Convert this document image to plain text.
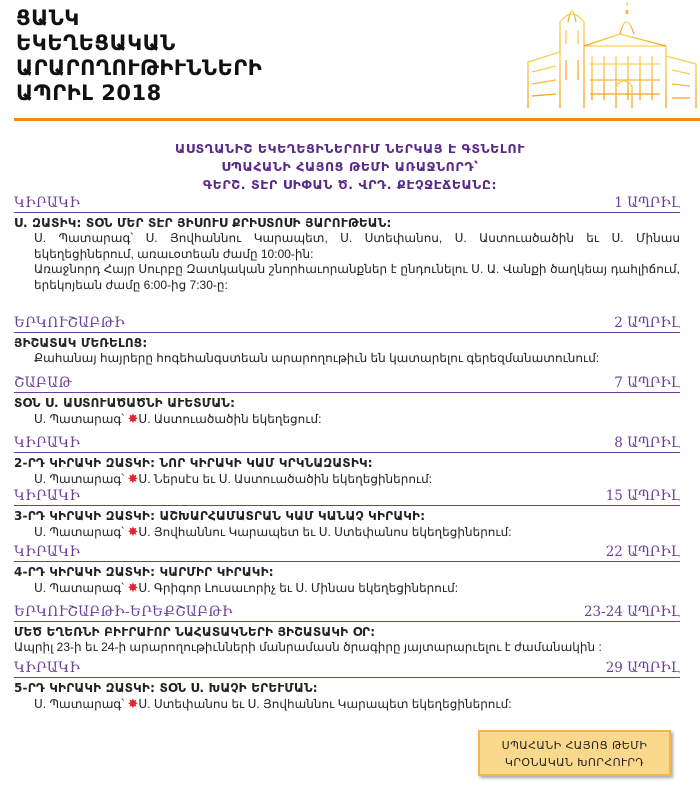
ՑԱՆԿ
ԵԿԵՂԵՑԱԿԱՆ
ԱՐԱՐՈՂՈՒԹԻՒՆՆԵՐԻ
ԱՊՐԻԼ 2018
ԱՍՏՂԱՆԻՇ ԵԿԵՂԵՑԻՆԵՐՈՒՄ ՆԵՐԿԱՅ Է ԳՏՆԵԼՈՒ
ՍՊԱՀԱՆԻ ՀԱՅՈՑ ԹԵՄԻ ԱՌԱՋՆՈՐԴ՝
ԳԵՐՇ. ՏԷՐ ՍԻՓԱՆ Ծ. ՎՐԴ. ՔԷՉՋԷՃԵԱՆԸ:
ԿԻՐԱԿԻ	1 ԱՊՐԻԼ
Ս. ԶԱՏԻԿ: ՏՕՆ ՄԵՐ ՏԷՐ ՅԻՍՈՒՍ ՔՐԻՍՏՈՍԻ ՅԱՐՈՒԹԵԱՆ:
Ս. Պատարագ՝ Ս. Յովհաննու Կարապետ, Ս. Ստեփանոս, Ս. Աստուածածին եւ Ս. Մինաս եկեղեցիներում, առաւօտեան ժամը 10:00-ին:
Առաջնորդ Հայր Սուրբը Զատկական շնորհաւորանքներ է ընդունելու Ս. Ա. Վանքի ծաղկեայ դահլիճում, երեկոյեան ժամը 6:00-ից 7:30-ը:
ԵՐԿՈՒՇԱԲԹԻ	2 ԱՊՐԻԼ
ՅԻՇԱՏԱԿ ՄԵՌԵԼՈՑ:
Քահանայ հայրերը հոգեհանգստեան արարողութիւն են կատարելու գերեզմանատունում:
ՇԱԲԱԹ	7 ԱՊՐԻԼ
ՏՕՆ Ս. ԱՍՏՈՒԱԾԱԾՆԻ ԱՒԵՏՄԱՆ:
Ս. Պատարագ՝ ✸Ս. Աստուածածին եկեղեցում:
ԿԻՐԱԿԻ	8 ԱՊՐԻԼ
2-ՐԴ ԿԻՐԱԿԻ ԶԱՏԿԻ: ՆՈՐ ԿԻՐԱԿԻ ԿԱՄ ԿՐԿՆԱԶԱՏԻԿ:
Ս. Պատարագ՝ ✸Ս. Ներսէս եւ Ս. Աստուածածին եկեղեցիներում:
ԿԻՐԱԿԻ	15 ԱՊՐԻԼ
3-ՐԴ ԿԻՐԱԿԻ ԶԱՏԿԻ: ԱՇԽԱՐՀԱՄԱՏՐԱՆ ԿԱՄ ԿԱՆԱՉ ԿԻՐԱԿԻ:
Ս. Պատարագ՝ ✸Ս. Յովհաննու Կարապետ եւ Ս. Ստեփանոս եկեղեցիներում:
ԿԻՐԱԿԻ	22 ԱՊՐԻԼ
4-ՐԴ ԿԻՐԱԿԻ ԶԱՏԿԻ: ԿԱՐՄԻՐ ԿԻՐԱԿԻ:
Ս. Պատարագ՝ ✸Ս. Գրիգոր Լուսաւորիչ եւ Ս. Մինաս եկեղեցիներում:
ԵՐԿՈՒՇԱԲԹԻ-ԵՐԵՔՇԱԲԹԻ	23-24 ԱՊՐԻԼ
ՄԵԾ ԵՂԵՌՆԻ ԲԻՒՐԱՒՈՐ ՆԱՀԱՏԱԿՆԵՐԻ ՅԻՇԱՏԱԿԻ ՕՐ:
Ապրիլ 23-ի եւ 24-ի արարողութիւնների մանրամասն ծրագիրը յայտարարւելու է ժամանակին :
ԿԻՐԱԿԻ	29 ԱՊՐԻԼ
5-ՐԴ ԿԻՐԱԿԻ ԶԱՏԿԻ: ՏՕՆ Ս. ԽԱՉԻ ԵՐԵՒՄԱՆ:
Ս. Պատարագ՝ ✸Ս. Ստեփանոս եւ Ս. Յովհաննու Կարապետ եկեղեցիներում:
ՍՊԱՀԱՆԻ ՀԱՅՈՑ ԹԵՄԻ
ԿՐՕՆԱԿԱՆ ԽՈՐՀՈՒՐԴ
